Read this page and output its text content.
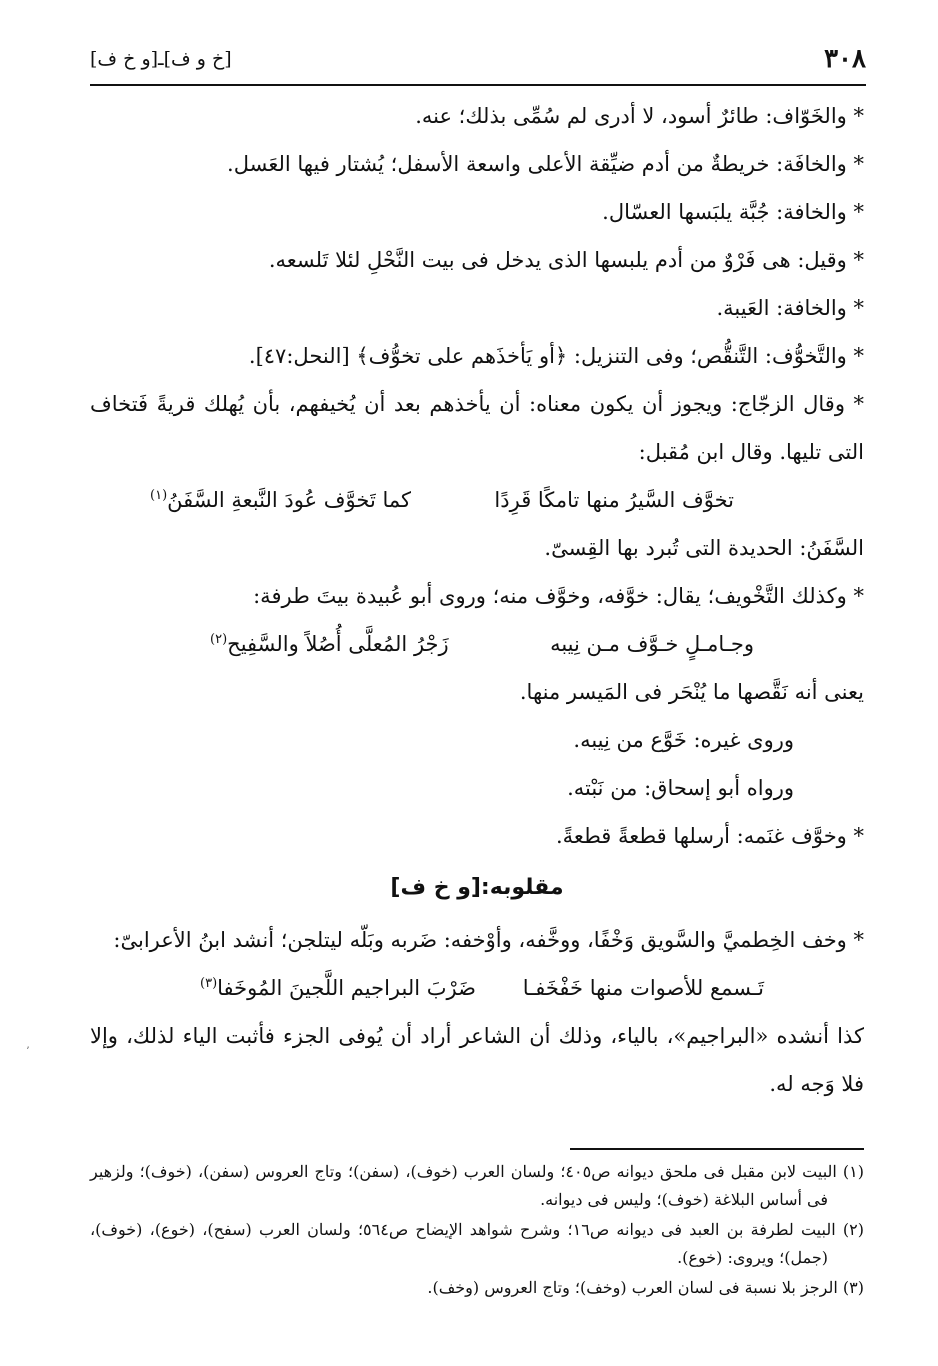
٣٠٨
[خ و ف]ـ[و خ ف]

* والخَوّاف: طائرٌ أسود، لا أدرى لم سُمِّى بذلك؛ عنه.

* والخافَة: خريطةٌ من أدم ضيِّقة الأعلى واسعة الأسفل؛ يُشتار فيها العَسل.

* والخافة: جُبَّة يلبَسها العسّال.

* وقيل: هى فَرْوٌ من أدم يلبسها الذى يدخل فى بيت النَّحْلِ لئلا تَلسعه.

* والخافة: العَيبة.

* والتَّخوُّف: التَّنقُّص؛ وفى التنزيل: ﴿أو يَأخذَهم على تخوُّف﴾ [النحل:٤٧].

* وقال الزجّاج: ويجوز أن يكون معناه: أن يأخذهم بعد أن يُخيفهم، بأن يُهلك قريةً فَتخاف التى تليها. وقال ابن مُقبل:

تخوَّف السَّيرُ منها تامكًا قَرِدًا
كما تَخوَّف عُودَ النَّبعةِ السَّفَنُ$^{(١)}$

السَّفَنُ: الحديدة التى تُبرد بها القِسىّ.

* وكذلك التَّخْويف؛ يقال: خوَّفه، وخوَّف منه؛ وروى أبو عُبيدة بيتَ طرفة:

وجـامـلٍ خـوَّف مـن نِيبه
زَجْرُ المُعلَّى أُصُلاً والسَّفِيح$^{(٢)}$

يعنى أنه نَقَّصها ما يُنْحَر فى المَيسر منها.

وروى غيره: خَوَّع من نِيبه.

ورواه أبو إسحاق: من نَبْته.

* وخوَّف غنَمه: أرسلها قطعةً قطعةً.

مقلوبه:[و خ ف]

* وخف الخِطميَّ والسَّويق وَخْفًا، ووخَّفه، وأوْخفه: ضَربه وبَلّه ليتلجن؛ أنشد ابنُ الأعرابىّ:

تَـسمع للأصوات منها خَفْخَفـا
ضَرْبَ البراجيم اللَّجينَ المُوخَفا$^{(٣)}$

كذا أنشده «البراجيم»، بالياء، وذلك أن الشاعر أراد أن يُوفى الجزء فأثبت الياء لذلك، وإلا فلا وَجه له.

(١) البيت لابن مقبل فى ملحق ديوانه ص٤٠٥؛ ولسان العرب (خوف)، (سفن)؛ وتاج العروس (سفن)، (خوف)؛ ولزهير فى أساس البلاغة (خوف)؛ وليس فى ديوانه.

(٢) البيت لطرفة بن العبد فى ديوانه ص١٦؛ وشرح شواهد الإيضاح ص٥٦٤؛ ولسان العرب (سفح)، (خوع)، (خوف)، (جمل)؛ ويروى: (خوع).

(٣) الرجز بلا نسبة فى لسان العرب (وخف)؛ وتاج العروس (وخف).

ʼ
